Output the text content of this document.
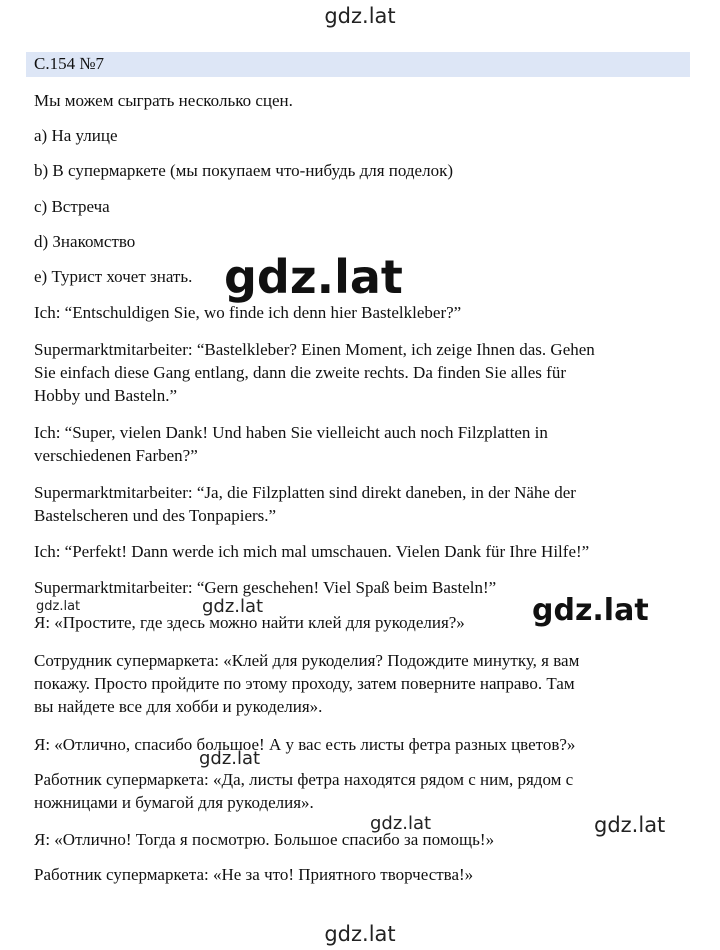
С.154 №7
Мы можем сыграть несколько сцен.
a) На улице
b) В супермаркете (мы покупаем что-нибудь для поделок)
c) Встреча
d) Знакомство
e) Турист хочет знать.
Ich: “Entschuldigen Sie, wo finde ich denn hier Bastelkleber?”
Supermarktmitarbeiter: “Bastelkleber? Einen Moment, ich zeige Ihnen das. Gehen
Sie einfach diese Gang entlang, dann die zweite rechts. Da finden Sie alles für
Hobby und Basteln.”
Ich: “Super, vielen Dank! Und haben Sie vielleicht auch noch Filzplatten in
verschiedenen Farben?”
Supermarktmitarbeiter: “Ja, die Filzplatten sind direkt daneben, in der Nähe der
Bastelscheren und des Tonpapiers.”
Ich: “Perfekt! Dann werde ich mich mal umschauen. Vielen Dank für Ihre Hilfe!”
Supermarktmitarbeiter: “Gern geschehen! Viel Spaß beim Basteln!”
Я: «Простите, где здесь можно найти клей для рукоделия?»
Сотрудник супермаркета: «Клей для рукоделия? Подождите минутку, я вам
покажу. Просто пройдите по этому проходу, затем поверните направо. Там
вы найдете все для хобби и рукоделия».
Я: «Отлично, спасибо большое! А у вас есть листы фетра разных цветов?»
Работник супермаркета: «Да, листы фетра находятся рядом с ним, рядом с
ножницами и бумагой для рукоделия».
Я: «Отлично! Тогда я посмотрю. Большое спасибо за помощь!»
Работник супермаркета: «Не за что! Приятного творчества!»
gdz.lat
gdz.lat
gdz.lat	gdz.lat	gdz.lat
gdz.lat
gdz.lat	gdz.lat
gdz.lat
